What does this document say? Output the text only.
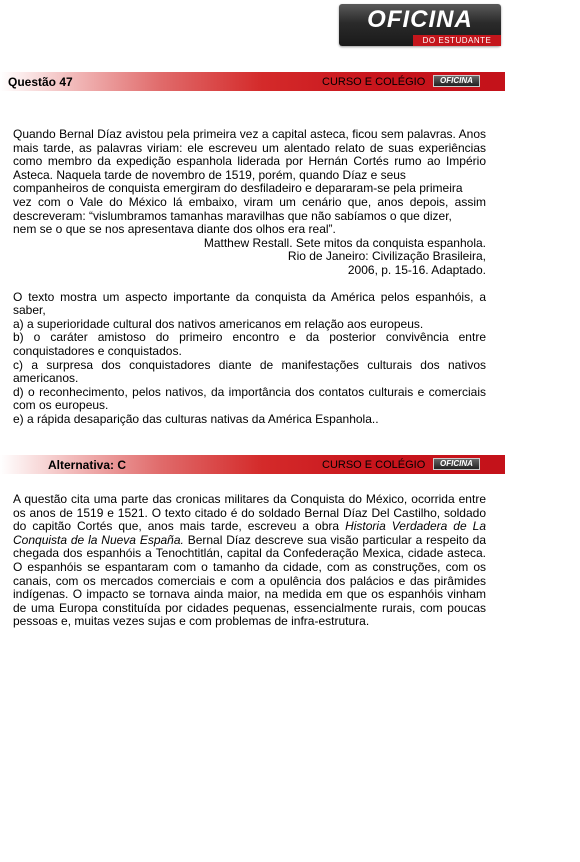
OFICINA
DO ESTUDANTE
Questão 47	CURSO E COLÉGIO	OFICINA

Quando Bernal Díaz avistou pela primeira vez a capital asteca, ficou sem palavras. Anos mais tarde, as palavras viriam: ele escreveu um alentado relato de suas experiências como membro da expedição espanhola liderada por Hernán Cortés rumo ao Império Asteca. Naquela tarde de novembro de 1519, porém, quando Díaz e seus

companheiros de conquista emergiram do desfiladeiro e depararam-se pela primeira

vez com o Vale do México lá embaixo, viram um cenário que, anos depois, assim

descreveram: “vislumbramos tamanhas maravilhas que não sabíamos o que dizer,

nem se o que se nos apresentava diante dos olhos era real”.

Matthew Restall. Sete mitos da conquista espanhola.

Rio de Janeiro: Civilização Brasileira,

2006, p. 15-16. Adaptado.

O texto mostra um aspecto importante da conquista da América pelos espanhóis, a saber,

a) a superioridade cultural dos nativos americanos em relação aos europeus.

b) o caráter amistoso do primeiro encontro e da posterior convivência entre conquistadores e conquistados.

c) a surpresa dos conquistadores diante de manifestações culturais dos nativos americanos.

d) o reconhecimento, pelos nativos, da importância dos contatos culturais e comerciais com os europeus.

e) a rápida desaparição das culturas nativas da América Espanhola..

Alternativa: C	CURSO E COLÉGIO	OFICINA

A questão cita uma parte das cronicas militares da Conquista do México, ocorrida entre os anos de 1519 e 1521. O texto citado é do soldado Bernal Díaz Del Castilho, soldado do capitão Cortés que, anos mais tarde, escreveu a obra Historia Verdadera de La Conquista de la Nueva España. Bernal Díaz descreve sua visão particular a respeito da chegada dos espanhóis a Tenochtitlán, capital da Confederação Mexica, cidade asteca. O espanhóis se espantaram com o tamanho da cidade, com as construções, com os canais, com os mercados comerciais e com a opulência dos palácios e das pirâmides indígenas. O impacto se tornava ainda maior, na medida em que os espanhóis vinham de uma Europa constituída por cidades pequenas, essencialmente rurais, com poucas pessoas e, muitas vezes sujas e com problemas de infra-estrutura.
